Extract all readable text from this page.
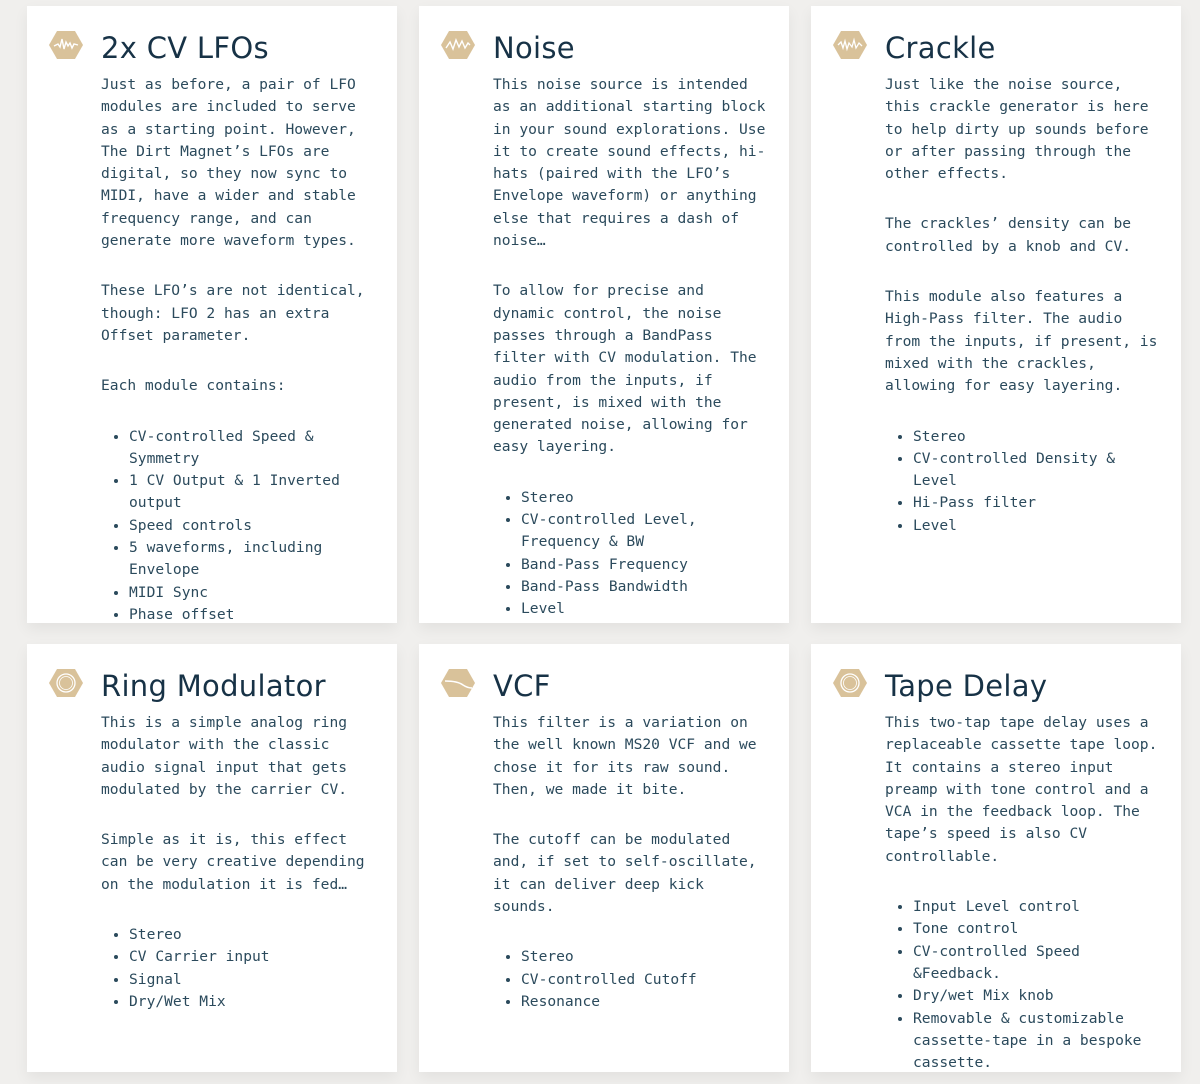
2x CV LFOs

Just as before, a pair of LFO modules are included to serve as a starting point. However, The Dirt Magnet’s LFOs are digital, so they now sync to MIDI, have a wider and stable frequency range, and can generate more waveform types.

These LFO’s are not identical, though: LFO 2 has an extra Offset parameter.

Each module contains:

• CV-controlled Speed & Symmetry
• 1 CV Output & 1 Inverted output
• Speed controls
• 5 waveforms, including Envelope
• MIDI Sync
• Phase offset
Noise

This noise source is intended as an additional starting block in your sound explorations. Use it to create sound effects, hi-hats (paired with the LFO’s Envelope waveform) or anything else that requires a dash of noise…

To allow for precise and dynamic control, the noise passes through a BandPass filter with CV modulation. The audio from the inputs, if present, is mixed with the generated noise, allowing for easy layering.

• Stereo
• CV-controlled Level, Frequency & BW
• Band-Pass Frequency
• Band-Pass Bandwidth
• Level
Crackle

Just like the noise source, this crackle generator is here to help dirty up sounds before or after passing through the other effects.

The crackles’ density can be controlled by a knob and CV.

This module also features a High-Pass filter. The audio from the inputs, if present, is mixed with the crackles, allowing for easy layering.

• Stereo
• CV-controlled Density & Level
• Hi-Pass filter
• Level
Ring Modulator

This is a simple analog ring modulator with the classic audio signal input that gets modulated by the carrier CV.

Simple as it is, this effect can be very creative depending on the modulation it is fed…

• Stereo
• CV Carrier input
• Signal
• Dry/Wet Mix
VCF

This filter is a variation on the well known MS20 VCF and we chose it for its raw sound. Then, we made it bite.

The cutoff can be modulated and, if set to self-oscillate, it can deliver deep kick sounds.

• Stereo
• CV-controlled Cutoff
• Resonance
Tape Delay

This two-tap tape delay uses a replaceable cassette tape loop. It contains a stereo input preamp with tone control and a VCA in the feedback loop. The tape’s speed is also CV controllable.

• Input Level control
• Tone control
• CV-controlled Speed &Feedback.
• Dry/wet Mix knob
• Removable & customizable cassette-tape in a bespoke cassette.
